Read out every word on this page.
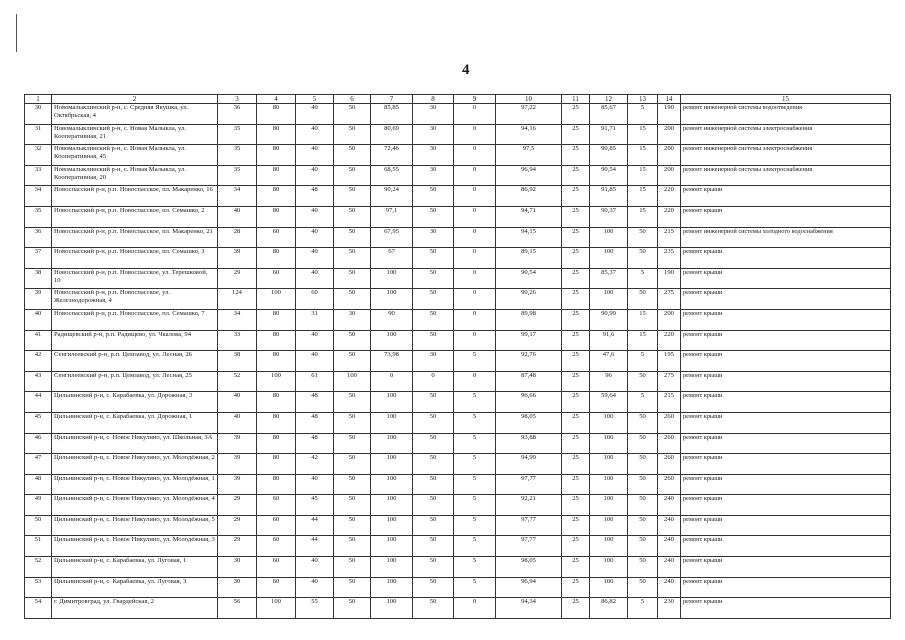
4
1	2	3	4	5	6	7	8	9	10	11	12	13	14	15
30	Новомалыклинский р-н, с. Средняя Якушка, ул. Октябрьская, 4	36	80	40	50	85,85	30	0	97,22	25	85,67	5	190	ремонт инженерной системы водоотведения
31	Новомалыклинский р-н, с. Новая Малыкла, ул. Кооперативная, 21	35	80	40	50	80,69	30	0	94,16	25	91,71	15	200	ремонт инженерной системы электроснабжения
32	Новомалыклинский р-н, с. Новая Малыкла, ул. Кооперативная, 45	35	80	40	50	72,46	30	0	97,5	25	90,85	15	200	ремонт инженерной системы электроснабжения
33	Новомалыклинский р-н, с. Новая Малыкла, ул. Кооперативная, 20	35	80	40	50	68,55	30	0	96,94	25	90,54	15	200	ремонт инженерной системы электроснабжения
34	Новоспасский р-н, р.п. Новоспасское, пл. Макаренко, 16	34	80	48	50	90,24	50	0	86,92	25	91,85	15	220	ремонт крыши
35	Новоспасский р-н, р.п. Новоспасское, пл. Семашко, 2	40	80	40	50	97,1	50	0	94,71	25	90,37	15	220	ремонт крыши
36	Новоспасский р-н, р.п. Новоспасское, пл. Макаренко, 21	28	60	40	50	67,95	30	0	94,15	25	100	50	215	ремонт инженерной системы холодного водоснабжения
37	Новоспасский р-н, р.п. Новоспасское, пл. Семашко, 3	39	80	40	50	67	50	0	89,15	25	100	50	235	ремонт крыши
38	Новоспасский р-н, р.п. Новоспасское, ул. Терешковой, 10	29	60	40	50	100	50	0	90,54	25	85,37	5	190	ремонт крыши
39	Новоспасский р-н, р.п. Новоспасское, ул. Железнодорожная, 4	124	100	60	50	100	50	0	90,26	25	100	50	275	ремонт крыши
40	Новоспасский р-н, р.п. Новоспасское, пл. Семашко, 7	34	80	31	30	90	50	0	89,98	25	90,99	15	200	ремонт крыши
41	Радищевский р-н, р.п. Радищево, ул. Чкалова, 94	33	80	40	50	100	50	0	99,17	25	91,6	15	220	ремонт крыши
42	Сенгилеевский р-н, р.п. Цемзавод, ул. Лесная, 26	38	80	40	50	73,98	30	5	92,76	25	47,6	5	195	ремонт крыши
43	Сенгилеевский р-н, р.п. Цемзавод, ул. Лесная, 25	52	100	61	100	0	0	0	87,48	25	96	50	275	ремонт крыши
44	Цильнинский р-н, с. Карабаевка, ул. Дорожная, 3	40	80	48	50	100	50	5	96,66	25	59,64	5	215	ремонт крыши
45	Цильнинский р-н, с. Карабаевка, ул. Дорожная, 1	40	80	48	50	100	50	5	98,05	25	100	50	260	ремонт крыши
46	Цильнинский р-н, с. Новое Никулино, ул. Школьная, 3А	39	80	48	50	100	50	5	93,88	25	100	50	260	ремонт крыши
47	Цильнинский р-н, с. Новое Никулино, ул. Молодёжная, 2	39	80	42	50	100	50	5	94,99	25	100	50	260	ремонт крыши
48	Цильнинский р-н, с. Новое Никулино, ул. Молодёжная, 1	39	80	40	50	100	50	5	97,77	25	100	50	260	ремонт крыши
49	Цильнинский р-н, с. Новое Никулино, ул. Молодёжная, 4	29	60	45	50	100	50	5	92,21	25	100	50	240	ремонт крыши
50	Цильнинский р-н, с. Новое Никулино, ул. Молодёжная, 5	29	60	44	50	100	50	5	97,77	25	100	50	240	ремонт крыши
51	Цильнинский р-н, с. Новое Никулино, ул. Молодёжная, 3	29	60	44	50	100	50	5	97,77	25	100	50	240	ремонт крыши
52	Цильнинский р-н, с. Карабаевка, ул. Луговая, 1	30	60	40	50	100	50	5	98,05	25	100	50	240	ремонт крыши
53	Цильнинский р-н, с. Карабаевка, ул. Луговая, 3	30	60	40	50	100	50	5	96,94	25	100	50	240	ремонт крыши
54	г. Димитровград, ул. Гвардейская, 2	56	100	55	50	100	50	0	94,34	25	86,82	5	230	ремонт крыши
